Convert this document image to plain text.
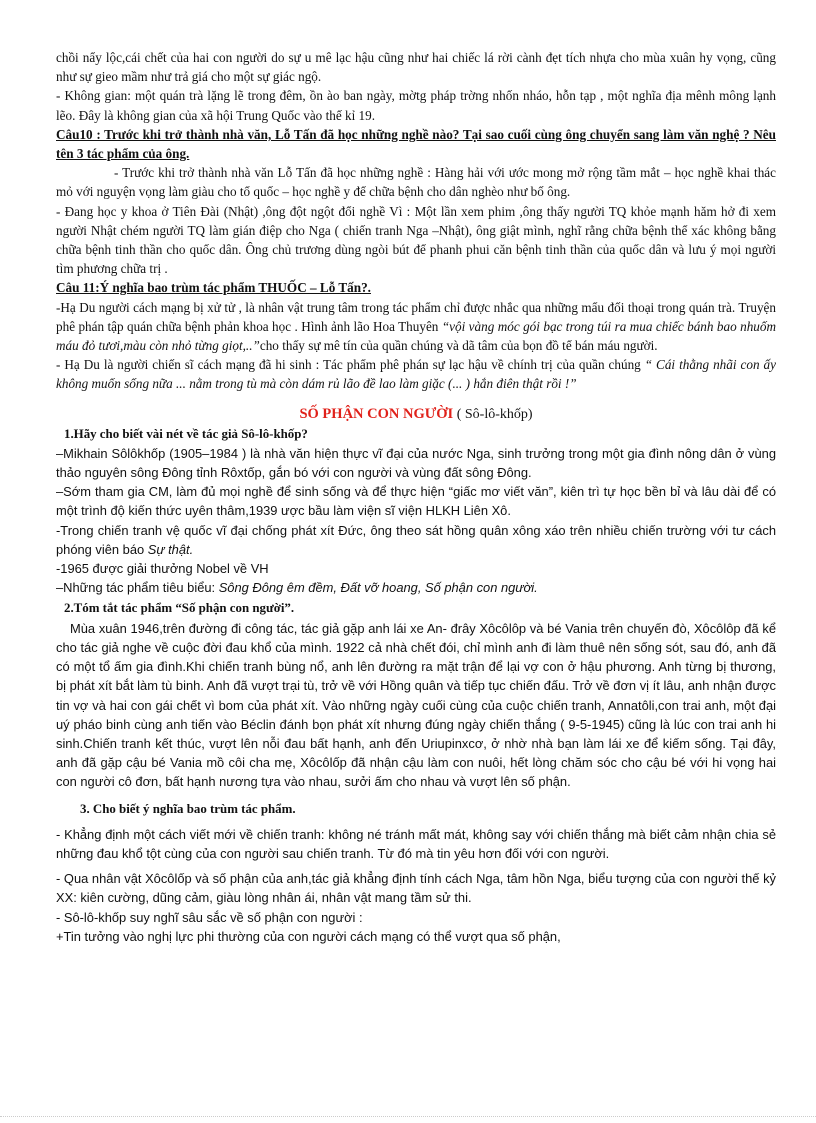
chồi nẩy lộc,cái chết của hai con người do sự u mê lạc hậu cũng như hai chiếc lá rời cành đẹt tích nhựa cho mùa xuân hy vọng, cũng như sự gieo mầm như trả giá cho một sự giác ngộ.

- Không gian: một quán trà lặng lẽ trong đêm, ồn ào ban ngày, mờtg pháp trờng nhốn nháo, hỗn tạp , một nghĩa địa mênh mông lạnh lẽo. Đây là không gian của xã hội Trung Quốc vào thế kỉ 19.

Câu10 : Trước khi trở thành nhà văn, Lỗ Tấn đã học những nghề nào? Tại sao cuối cùng ông chuyển sang làm văn nghệ ? Nêu tên 3 tác phẩm của ông.

- Trước khi trở thành nhà văn Lỗ Tấn đã học những nghề : Hàng hải với ước mong mở rộng tầm mắt – học nghề khai thác mỏ với nguyện vọng làm giàu cho tổ quốc – học nghề y để chữa bệnh cho dân nghèo như bố ông.

- Đang học y khoa ở Tiên Đài (Nhật) ,ông đột ngột đổi nghề Vì : Một lần xem phim ,ông thấy người TQ khỏe mạnh hăm hở đi xem người Nhật chém người TQ làm gián điệp cho Nga ( chiến tranh Nga –Nhật), ông giật mình, nghĩ rằng chữa bệnh thể xác không bằng chữa bệnh tinh thần cho quốc dân. Ông chủ trương dùng ngòi bút để phanh phui căn bệnh tinh thần của quốc dân và lưu ý mọi người tìm phương chữa trị .

Câu 11:Ý nghĩa bao trùm tác phẩm THUỐC – Lỗ Tấn?.

-Hạ Du người cách mạng bị xử tử , là nhân vật trung tâm trong tác phẩm chỉ được nhắc qua những mẩu đối thoại trong quán trà. Truyện phê phán tập quán chữa bệnh phản khoa học . Hình ảnh lão Hoa Thuyên “vội vàng móc gói bạc trong túi ra mua chiếc bánh bao nhuốm máu đỏ tươi,màu còn nhỏ từng giọt,..”cho thấy sự mê tín của quần chúng và dã tâm của bọn đồ tể bán máu người.

- Hạ Du là người chiến sĩ cách mạng đã hi sinh : Tác phẩm phê phán sự lạc hậu về chính trị của quần chúng “ Cái thằng nhãi con ấy không muốn sống nữa ... nằm trong tù mà còn dám rủ lão đề lao làm giặc (... ) hắn điên thật rồi !”

SỐ PHẬN CON NGƯỜI ( Sô-lô-khốp)

1.Hãy cho biết vài nét về tác giả Sô-lô-khốp?

–Mikhain Sôlôkhốp (1905–1984 ) là nhà văn hiện thực vĩ đại của nước Nga, sinh trưởng trong một gia đình nông dân ở vùng thảo nguyên sông Đông tỉnh Rôxtốp, gắn bó với con người và vùng đất sông Đông.

–Sớm tham gia CM, làm đủ mọi nghề để sinh sống và để thực hiện “giấc mơ viết văn”, kiên trì tự học bền bỉ và lâu dài để có một trình độ kiến thức uyên thâm,1939 ược bầu làm viện sĩ viện HLKH Liên Xô.

-Trong chiến tranh vệ quốc vĩ đại chống phát xít Đức, ông theo sát hồng quân xông xáo trên nhiều chiến trường với tư cách phóng viên báo Sự thật.

-1965 được giải thưởng Nobel về VH

–Những tác phẩm tiêu biểu: Sông Đông êm đềm, Đất vỡ hoang, Số phận con người.

2.Tóm tắt tác phẩm “Số phận con người”.

Mùa xuân 1946,trên đường đi công tác, tác giả gặp anh lái xe An- đrây Xôcôlôp và bé Vania trên chuyến đò, Xôcôlôp đã kể cho tác giả nghe về cuộc đời đau khổ của mình. 1922 cả nhà chết đói, chỉ mình anh đi làm thuê nên sống sót, sau đó, anh đã có một tổ ấm gia đình.Khi chiến tranh bùng nổ, anh lên đường ra mặt trận để lại vợ con ở hậu phương. Anh từng bị thương, bị phát xít bắt làm tù binh. Anh đã vượt trại tù, trở về với Hồng quân và tiếp tục chiến đấu. Trở về đơn vị ít lâu, anh nhận được tin vợ và hai con gái chết vì bom của phát xít. Vào những ngày cuối cùng của cuộc chiến tranh, Annatôli,con trai anh, một đại uý pháo binh cùng anh tiến vào Béclin đánh bọn phát xít nhưng đúng ngày chiến thắng ( 9-5-1945) cũng là lúc con trai anh hi sinh.Chiến tranh kết thúc, vượt lên nỗi đau bất hạnh, anh đến Uriupinxcơ, ở nhờ nhà bạn làm lái xe để kiếm sống. Tại đây, anh đã gặp cậu bé Vania mồ côi cha mẹ, Xôcôlốp đã nhận cậu làm con nuôi, hết lòng chăm sóc cho cậu bé với hi vọng hai con người cô đơn, bất hạnh nương tựa vào nhau, sưởi ấm cho nhau và vượt lên số phận.

3. Cho biết ý nghĩa bao trùm tác phẩm.

- Khẳng định một cách viết mới về chiến tranh: không né tránh mất mát, không say với chiến thắng mà biết cảm nhận chia sẻ những đau khổ tột cùng của con người sau chiến tranh. Từ đó mà tin yêu hơn đối với con người.

- Qua nhân vật Xôcôlốp và số phận của anh,tác giả khẳng định tính cách Nga, tâm hồn Nga, biểu tượng của con người thế kỷ XX: kiên cường, dũng cảm, giàu lòng nhân ái, nhân vật mang tầm sử thi.

- Sô-lô-khốp suy nghĩ sâu sắc về số phận con người :

+Tin tưởng vào nghị lực phi thường của con người cách mạng có thể vượt qua số phận,
